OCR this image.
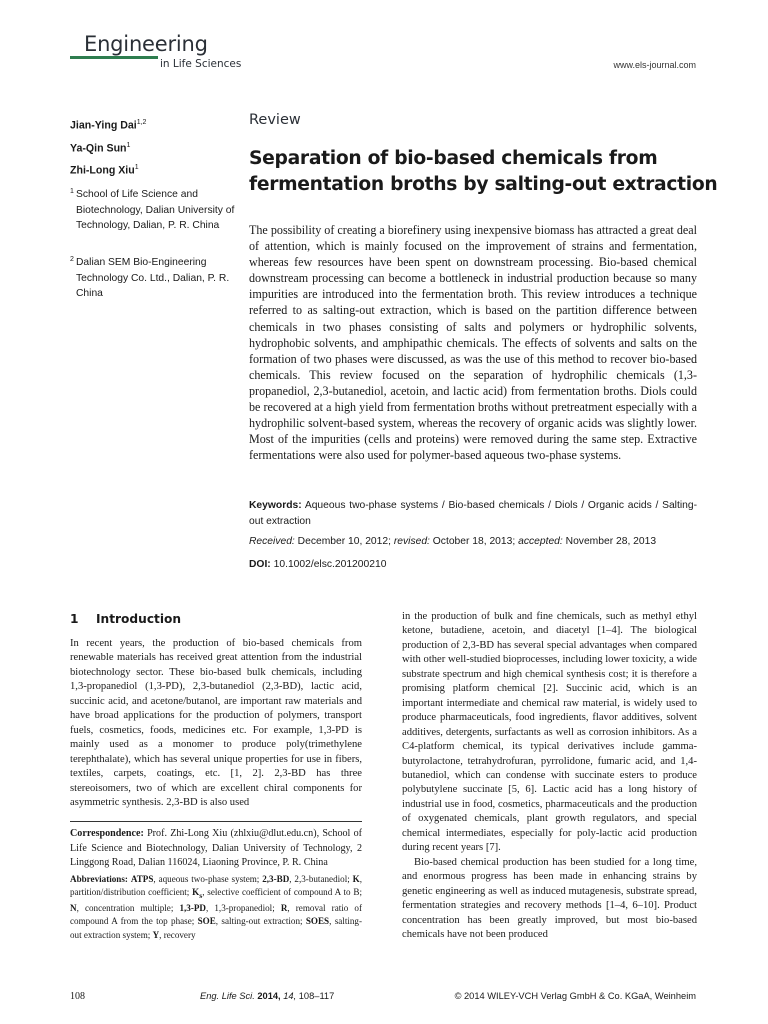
Engineering
in Life Sciences	www.els-journal.com
Jian-Ying Dai$^{1,2}$
Ya-Qin Sun$^1$
Zhi-Long Xiu$^1$
1 School of Life Science and Biotechnology, Dalian University of Technology, Dalian, P. R. China
2 Dalian SEM Bio-Engineering Technology Co. Ltd., Dalian, P. R. China
Review
Separation of bio-based chemicals from fermentation broths by salting-out extraction
The possibility of creating a biorefinery using inexpensive biomass has attracted a great deal of attention, which is mainly focused on the improvement of strains and fermentation, whereas few resources have been spent on downstream processing. Bio-based chemical downstream processing can become a bottleneck in industrial production because so many impurities are introduced into the fermentation broth. This review introduces a technique referred to as salting-out extraction, which is based on the partition difference between chemicals in two phases consisting of salts and polymers or hydrophilic solvents, hydrophobic solvents, and amphipathic chemicals. The effects of solvents and salts on the formation of two phases were discussed, as was the use of this method to recover bio-based chemicals. This review focused on the separation of hydrophilic chemicals (1,3-propanediol, 2,3-butanediol, acetoin, and lactic acid) from fermentation broths. Diols could be recovered at a high yield from fermentation broths without pretreatment especially with a hydrophilic solvent-based system, whereas the recovery of organic acids was slightly lower. Most of the impurities (cells and proteins) were removed during the same step. Extractive fermentations were also used for polymer-based aqueous two-phase systems.
Keywords: Aqueous two-phase systems / Bio-based chemicals / Diols / Organic acids / Salting-out extraction
Received: December 10, 2012; revised: October 18, 2013; accepted: November 28, 2013
DOI: 10.1002/elsc.201200210
1 Introduction
In recent years, the production of bio-based chemicals from renewable materials has received great attention from the industrial biotechnology sector. These bio-based bulk chemicals, including 1,3-propanediol (1,3-PD), 2,3-butanediol (2,3-BD), lactic acid, succinic acid, and acetone/butanol, are important raw materials and have broad applications for the production of polymers, transport fuels, cosmetics, foods, medicines etc. For example, 1,3-PD is mainly used as a monomer to produce poly(trimethylene terephthalate), which has several unique properties for use in fibers, textiles, carpets, coatings, etc. [1, 2]. 2,3-BD has three stereoisomers, two of which are excellent chiral components for asymmetric synthesis. 2,3-BD is also used

in the production of bulk and fine chemicals, such as methyl ethyl ketone, butadiene, acetoin, and diacetyl [1–4]. The biological production of 2,3-BD has several special advantages when compared with other well-studied bioprocesses, including lower toxicity, a wide substrate spectrum and high chemical synthesis cost; it is therefore a promising platform chemical [2]. Succinic acid, which is an important intermediate and chemical raw material, is widely used to produce pharmaceuticals, food ingredients, flavor additives, solvent additives, detergents, surfactants as well as corrosion inhibitors. As a C4-platform chemical, its typical derivatives include gamma-butyrolactone, tetrahydrofuran, pyrrolidone, fumaric acid, and 1,4-butanediol, which can condense with succinate esters to produce polybutylene succinate [5, 6]. Lactic acid has a long history of industrial use in food, cosmetics, pharmaceuticals and the production of oxygenated chemicals, plant growth regulators, and special chemical intermediates, especially for poly-lactic acid production during recent years [7].

Bio-based chemical production has been studied for a long time, and enormous progress has been made in enhancing strains by genetic engineering as well as induced mutagenesis, substrate spread, fermentation strategies and recovery methods [1–4, 6–10]. Product concentration has been greatly improved, but most bio-based chemicals have not been produced

Correspondence: Prof. Zhi-Long Xiu (zhlxiu@dlut.edu.cn), School of Life Science and Biotechnology, Dalian University of Technology, 2 Linggong Road, Dalian 116024, Liaoning Province, P. R. China
Abbreviations: ATPS, aqueous two-phase system; 2,3-BD, 2,3-butanediol; K, partition/distribution coefficient; $K_s$, selective coefficient of compound A to B; N, concentration multiple; 1,3-PD, 1,3-propanediol; R, removal ratio of compound A from the top phase; SOE, salting-out extraction; SOES, salting-out extraction system; Y, recovery
108	Eng. Life Sci. 2014, 14, 108–117	© 2014 WILEY-VCH Verlag GmbH & Co. KGaA, Weinheim
